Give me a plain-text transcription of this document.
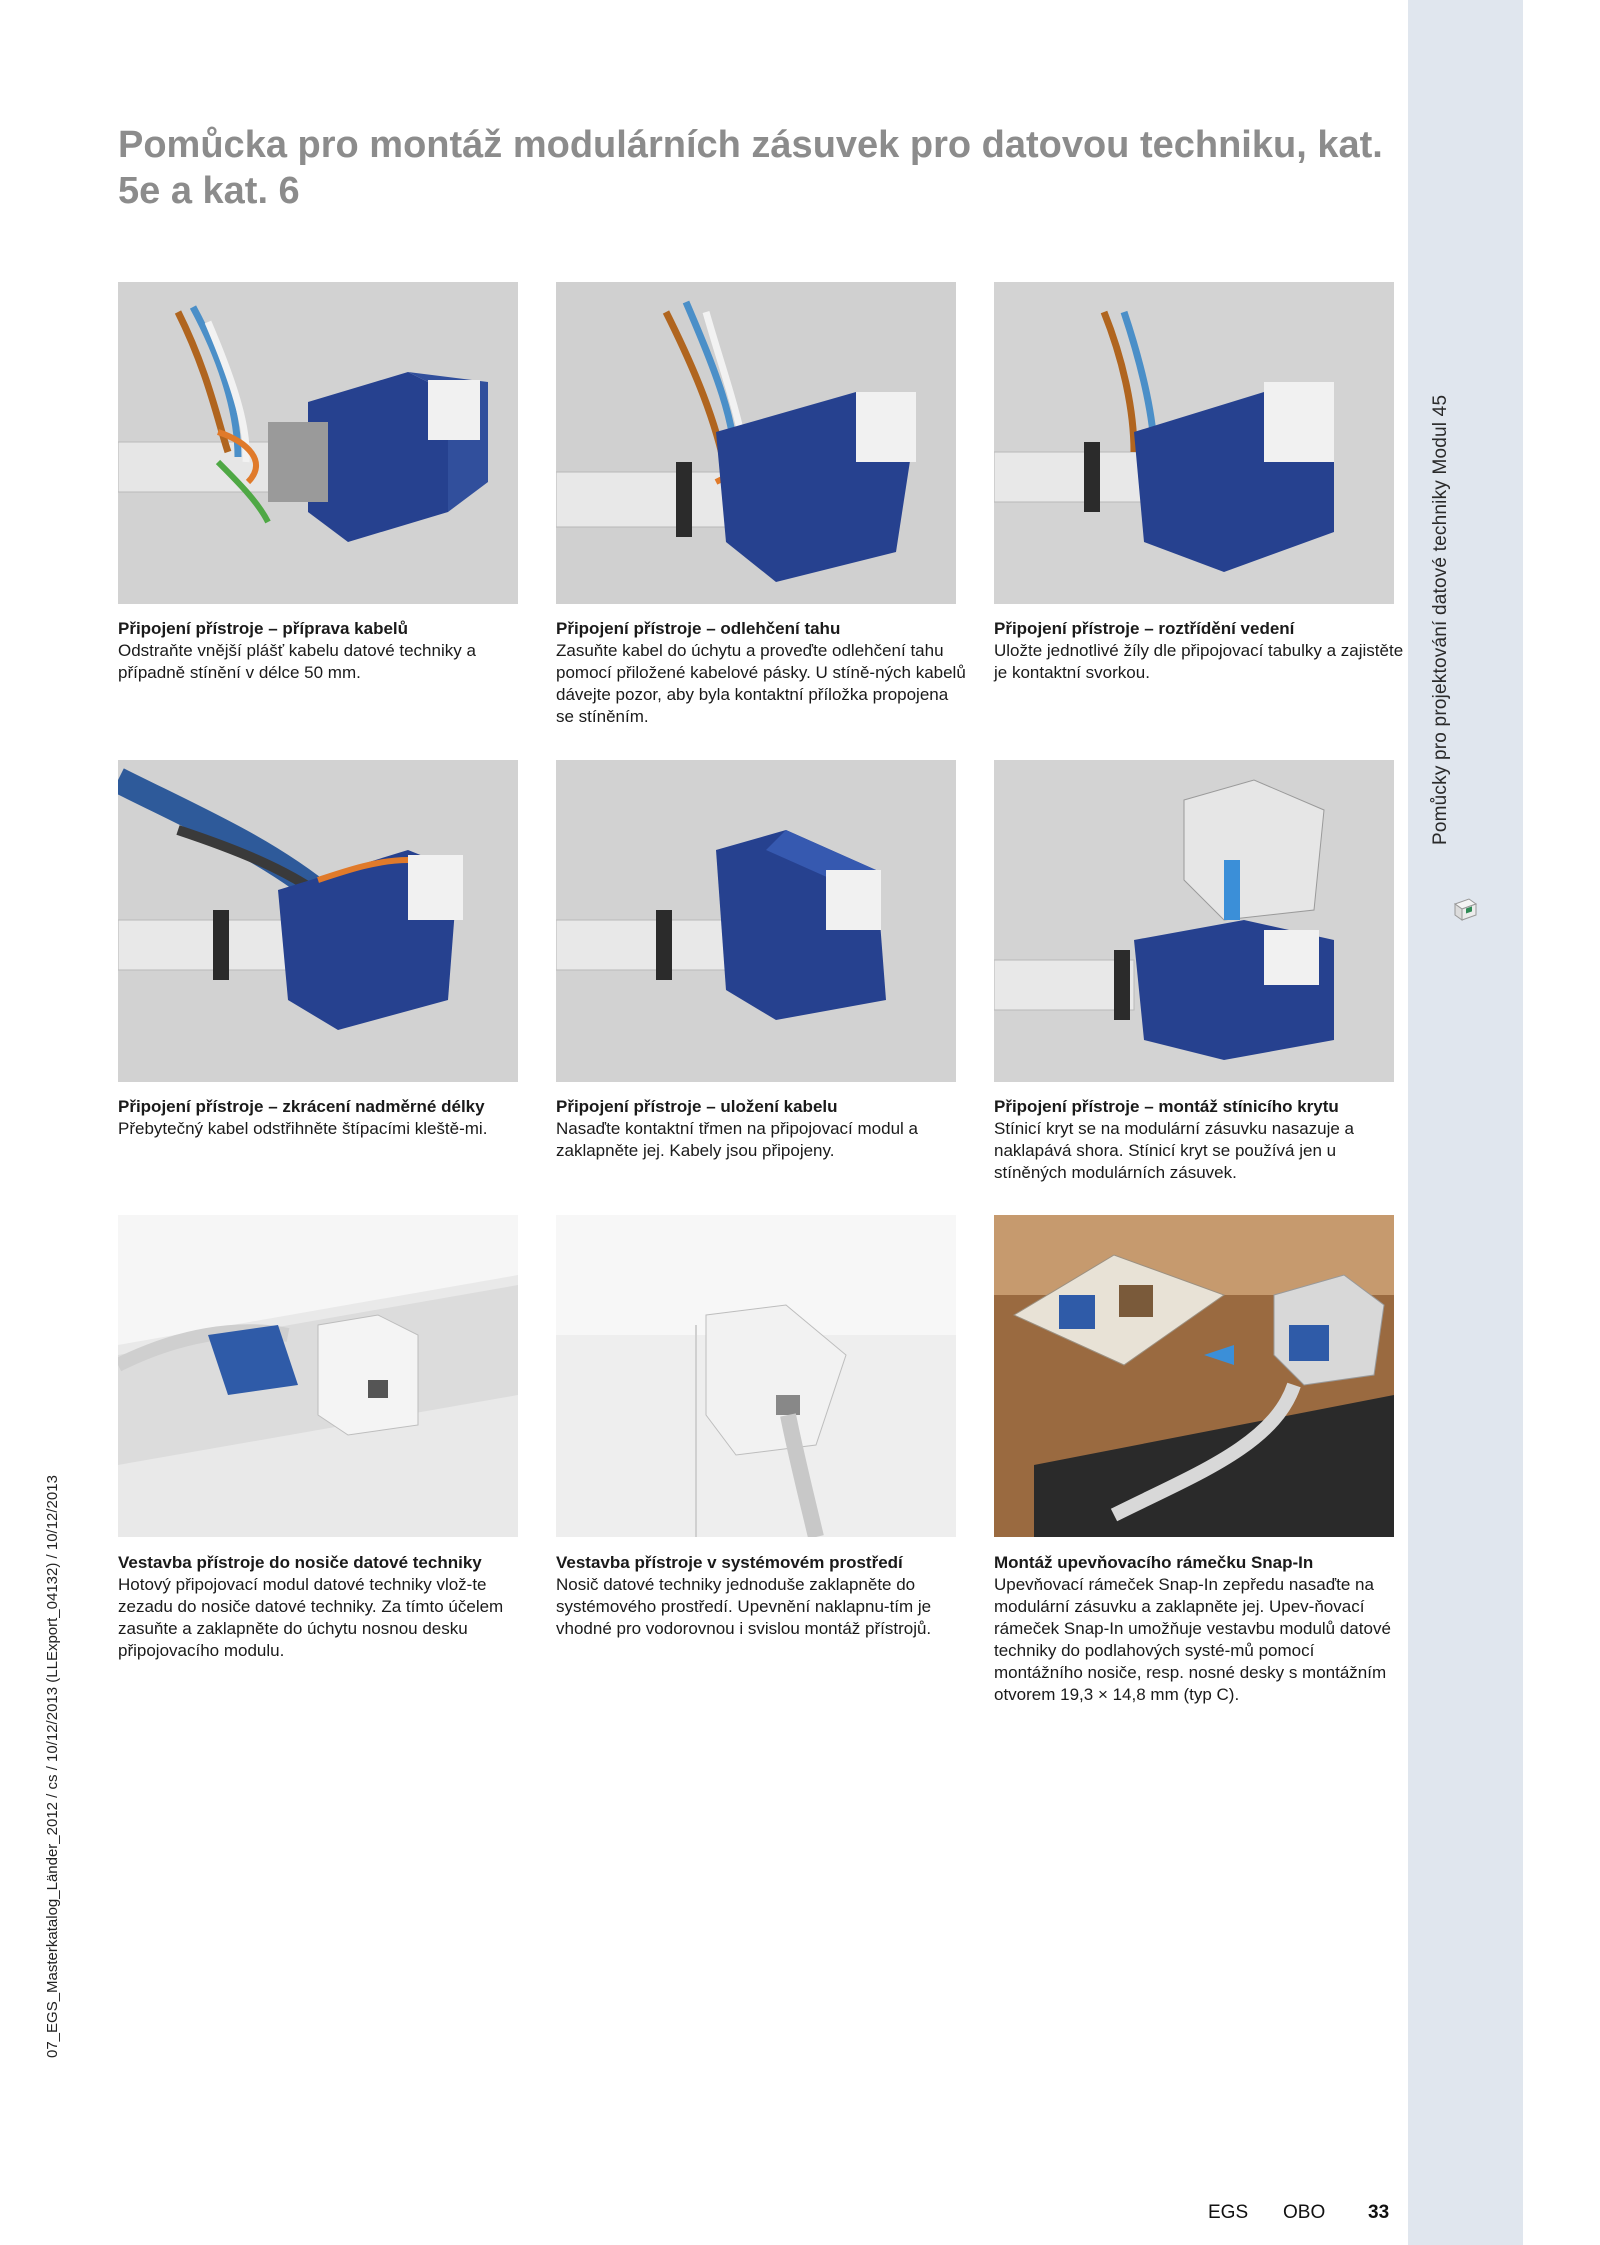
Pomůcky pro projektování datové techniky Modul 45
07_EGS_Masterkatalog_Länder_2012 / cs / 10/12/2013 (LLExport_04132) / 10/12/2013
Pomůcka pro montáž modulárních zásuvek pro datovou techniku, kat. 5e a kat. 6
Připojení přístroje – příprava kabelů
Odstraňte vnější plášť kabelu datové techniky a případně stínění v délce 50 mm.
Připojení přístroje – odlehčení tahu
Zasuňte kabel do úchytu a proveďte odlehčení tahu pomocí přiložené kabelové pásky. U stíně-ných kabelů dávejte pozor, aby byla kontaktní příložka propojena se stíněním.
Připojení přístroje – roztřídění vedení
Uložte jednotlivé žíly dle připojovací tabulky a zajistěte je kontaktní svorkou.
Připojení přístroje – zkrácení nadměrné délky
Přebytečný kabel odstřihněte štípacími kleště-mi.
Připojení přístroje – uložení kabelu
Nasaďte kontaktní třmen na připojovací modul a zaklapněte jej. Kabely jsou připojeny.
Připojení přístroje – montáž stínicího krytu
Stínicí kryt se na modulární zásuvku nasazuje a naklapává shora. Stínicí kryt se používá jen u stíněných modulárních zásuvek.
Vestavba přístroje do nosiče datové techniky
Hotový připojovací modul datové techniky vlož-te zezadu do nosiče datové techniky. Za tímto účelem zasuňte a zaklapněte do úchytu nosnou desku připojovacího modulu.
Vestavba přístroje v systémovém prostředí
Nosič datové techniky jednoduše zaklapněte do systémového prostředí. Upevnění naklapnu-tím je vhodné pro vodorovnou i svislou montáž přístrojů.
Montáž upevňovacího rámečku Snap-In
Upevňovací rámeček Snap-In zepředu nasaďte na modulární zásuvku a zaklapněte jej. Upev-ňovací rámeček Snap-In umožňuje vestavbu modulů datové techniky do podlahových systé-mů pomocí montážního nosiče, resp. nosné desky s montážním otvorem 19,3 × 14,8 mm (typ C).
EGS OBO 33
